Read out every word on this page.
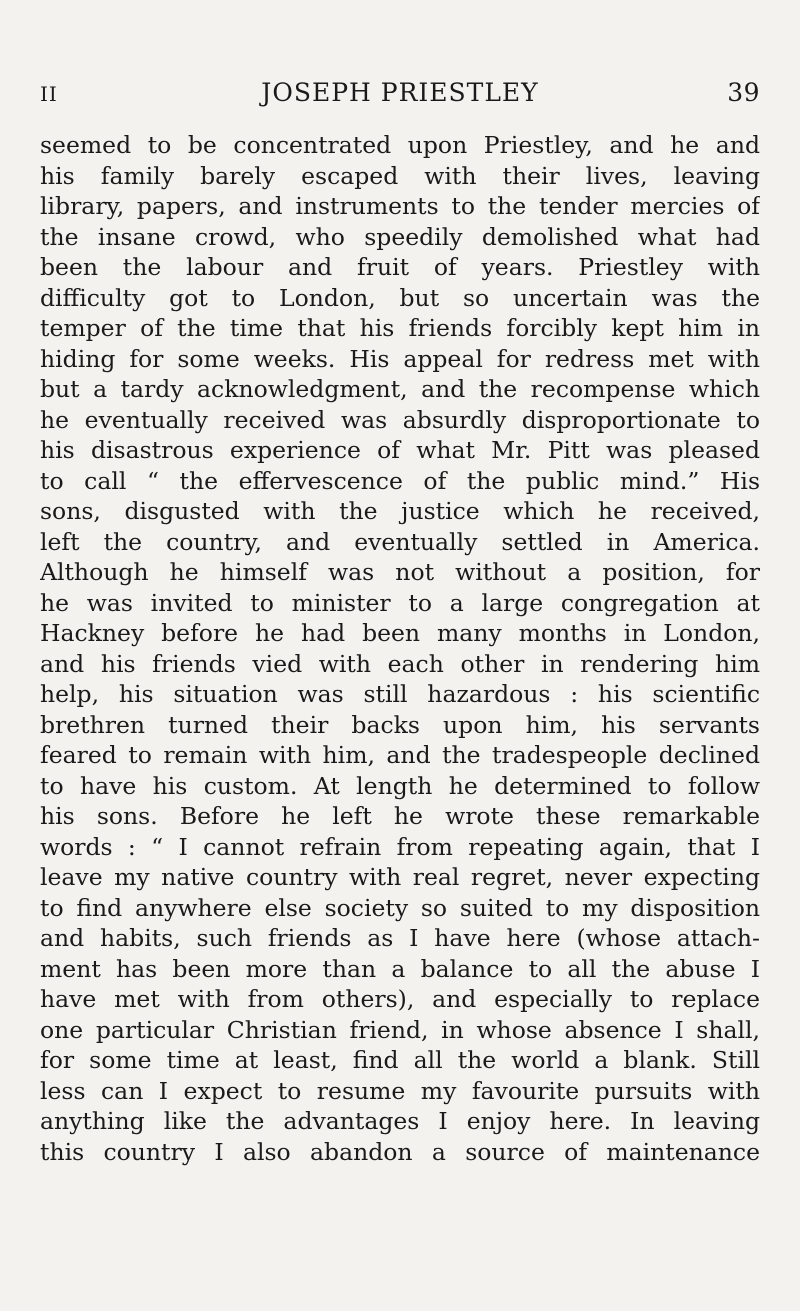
II	JOSEPH PRIESTLEY	39
seemed to be concentrated upon Priestley, and he and
his family barely escaped with their lives, leaving
library, papers, and instruments to the tender mercies of
the insane crowd, who speedily demolished what had
been the labour and fruit of years. Priestley with
difficulty got to London, but so uncertain was the
temper of the time that his friends forcibly kept him in
hiding for some weeks. His appeal for redress met with
but a tardy acknowledgment, and the recompense which
he eventually received was absurdly disproportionate to
his disastrous experience of what Mr. Pitt was pleased
to call “ the effervescence of the public mind.” His
sons, disgusted with the justice which he received,
left the country, and eventually settled in America.
Although he himself was not without a position, for
he was invited to minister to a large congregation at
Hackney before he had been many months in London,
and his friends vied with each other in rendering him
help, his situation was still hazardous : his scientific
brethren turned their backs upon him, his servants
feared to remain with him, and the tradespeople declined
to have his custom. At length he determined to follow
his sons. Before he left he wrote these remarkable
words : “ I cannot refrain from repeating again, that I
leave my native country with real regret, never expecting
to find anywhere else society so suited to my disposition
and habits, such friends as I have here (whose attach-
ment has been more than a balance to all the abuse I
have met with from others), and especially to replace
one particular Christian friend, in whose absence I shall,
for some time at least, find all the world a blank. Still
less can I expect to resume my favourite pursuits with
anything like the advantages I enjoy here. In leaving
this country I also abandon a source of maintenance
